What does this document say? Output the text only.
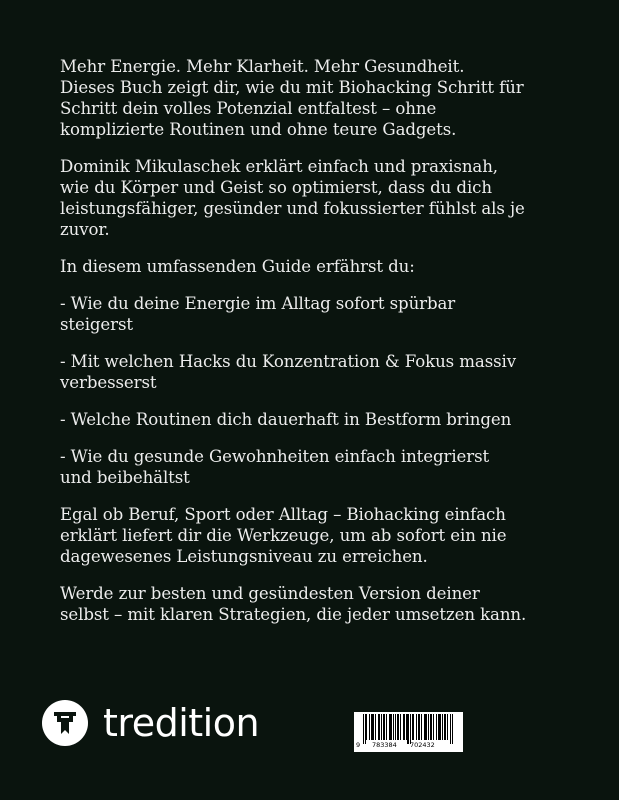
Mehr Energie. Mehr Klarheit. Mehr Gesundheit.
Dieses Buch zeigt dir, wie du mit Biohacking Schritt für
Schritt dein volles Potenzial entfaltest – ohne
komplizierte Routinen und ohne teure Gadgets.
Dominik Mikulaschek erklärt einfach und praxisnah,
wie du Körper und Geist so optimierst, dass du dich
leistungsfähiger, gesünder und fokussierter fühlst als je
zuvor.
In diesem umfassenden Guide erfährst du:
- Wie du deine Energie im Alltag sofort spürbar
steigerst
- Mit welchen Hacks du Konzentration & Fokus massiv
verbesserst
- Welche Routinen dich dauerhaft in Bestform bringen
- Wie du gesunde Gewohnheiten einfach integrierst
und beibehältst
Egal ob Beruf, Sport oder Alltag – Biohacking einfach
erklärt liefert dir die Werkzeuge, um ab sofort ein nie
dagewesenes Leistungsniveau zu erreichen.
Werde zur besten und gesündesten Version deiner
selbst – mit klaren Strategien, die jeder umsetzen kann.
tredition	9 783384 702432
